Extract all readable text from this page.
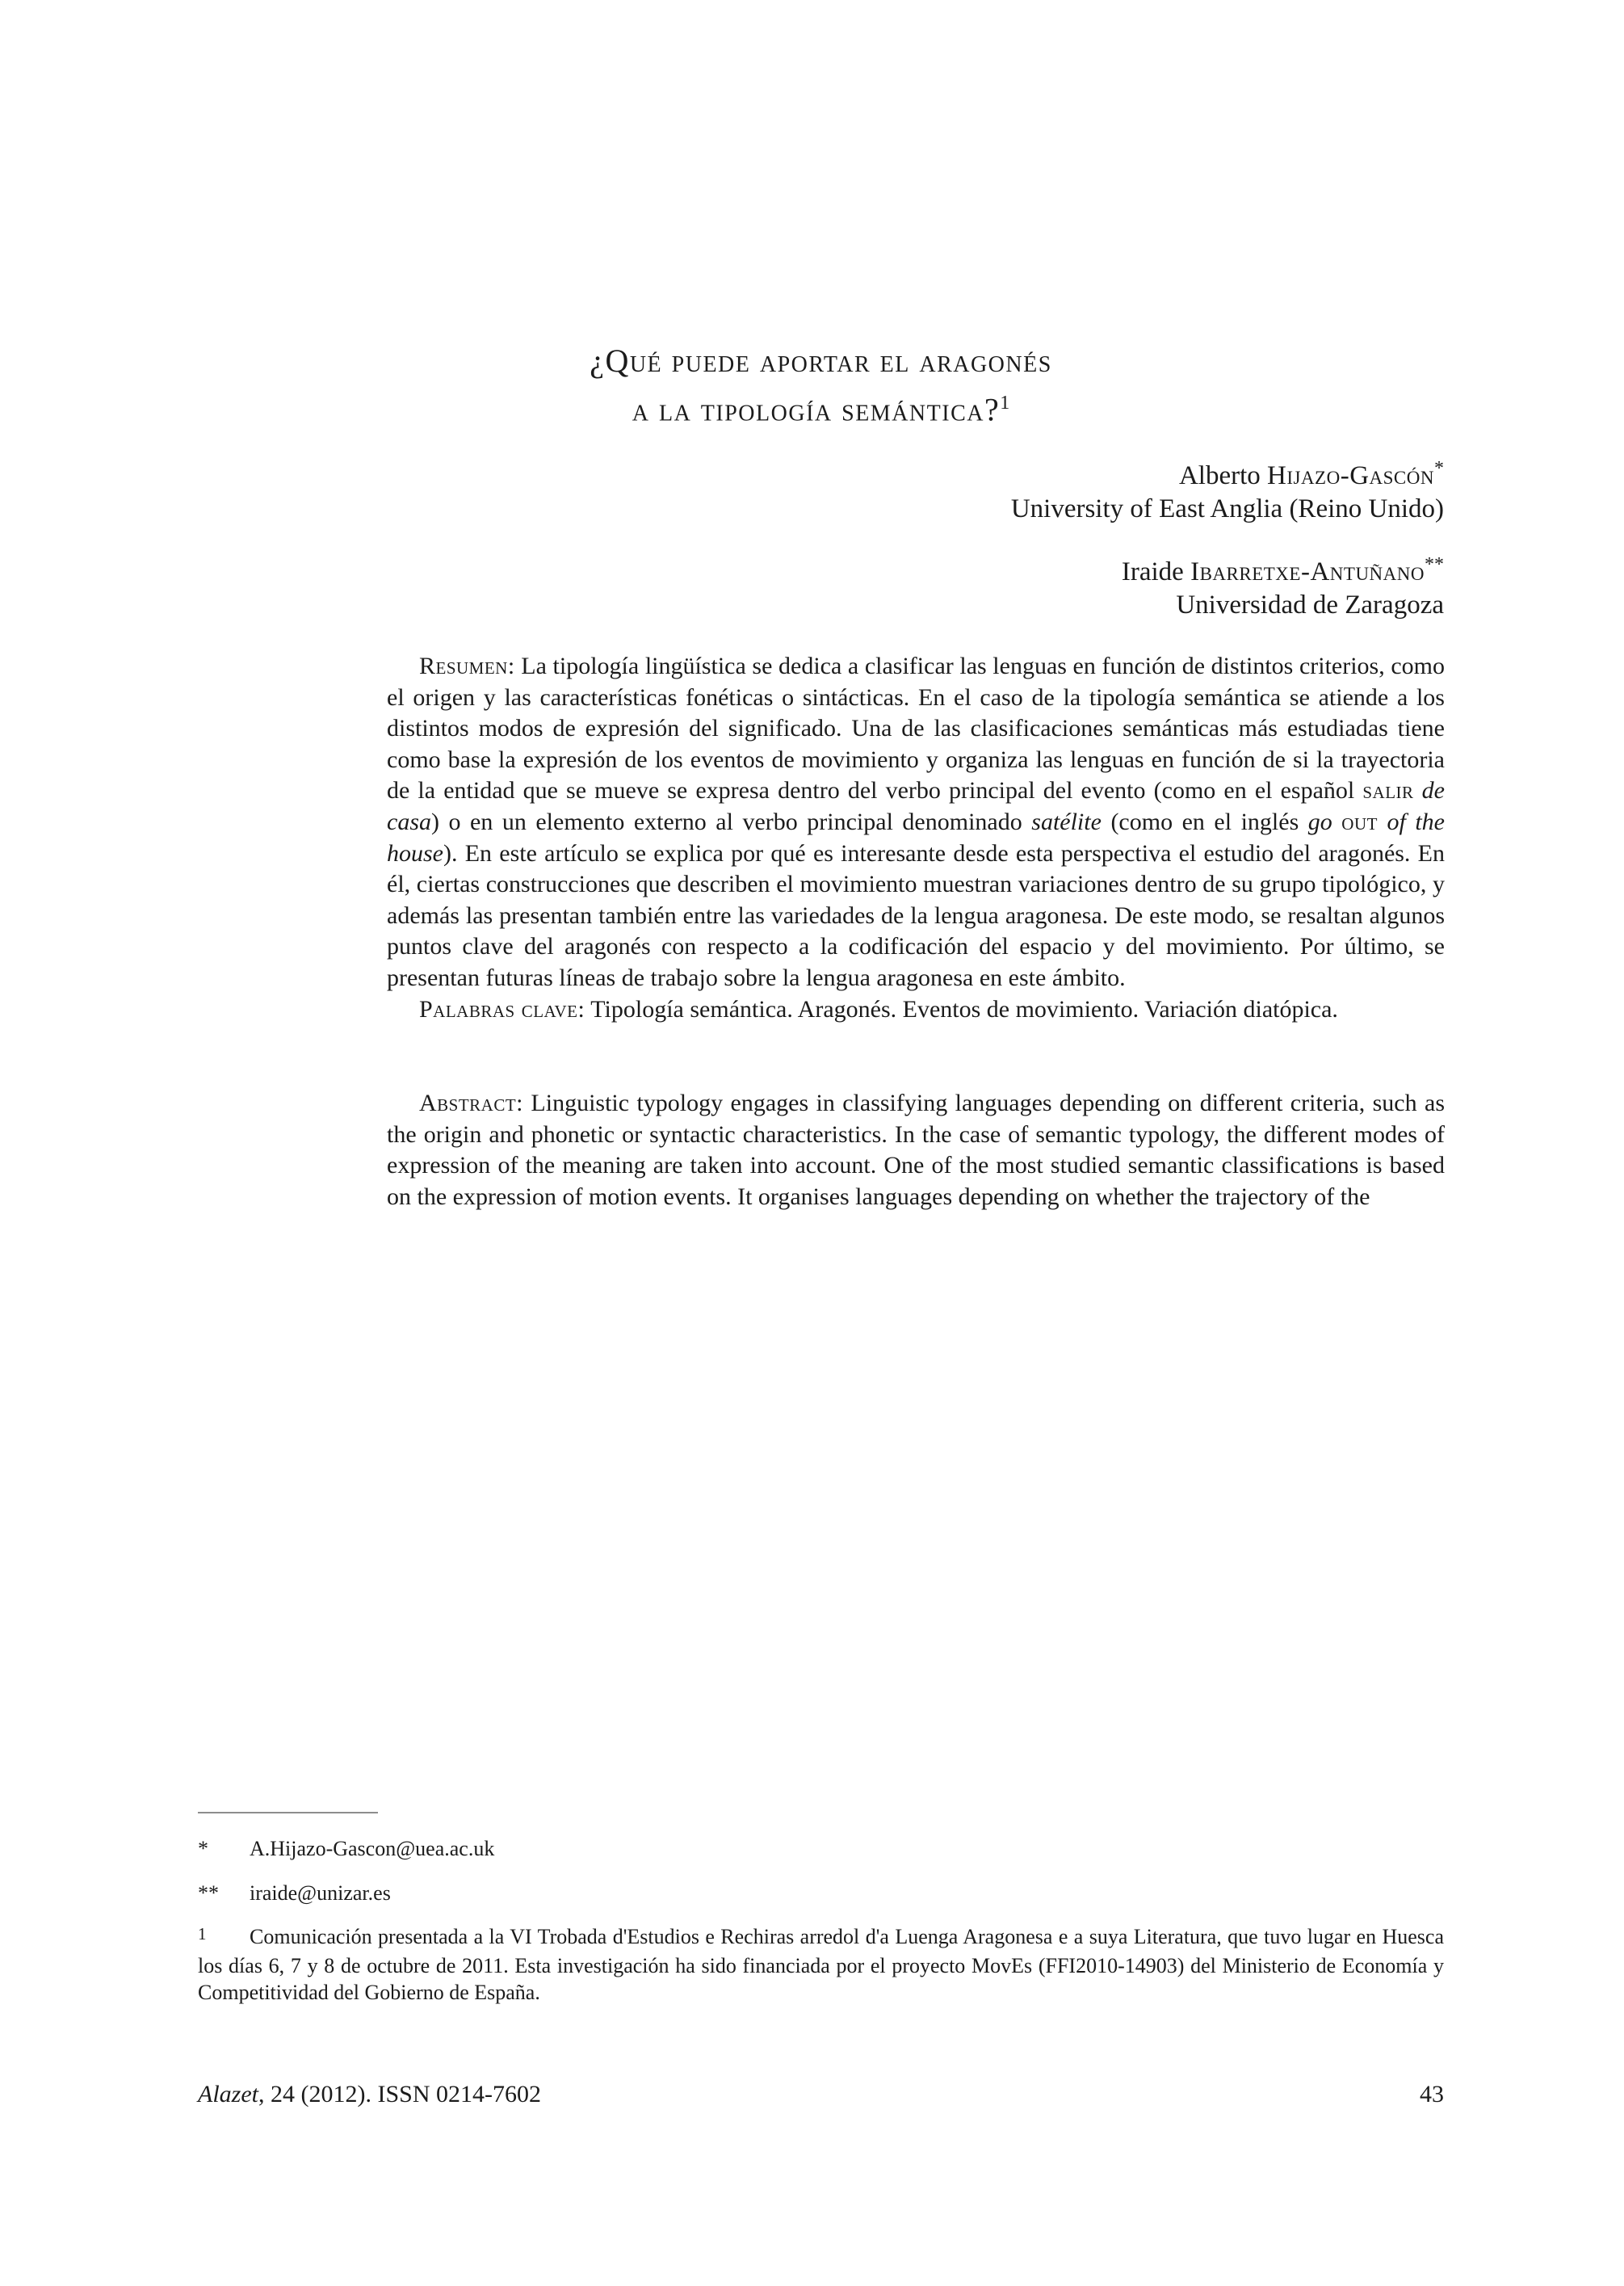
¿Qué puede aportar el aragonés
a la tipología semántica?$^1$
Alberto Hijazo-Gascón*
University of East Anglia (Reino Unido)
Iraide Ibarretxe-Antuñano**
Universidad de Zaragoza

Resumen: La tipología lingüística se dedica a clasificar las lenguas en función de distintos criterios, como el origen y las características fonéticas o sintácticas. En el caso de la tipología semántica se atiende a los distintos modos de expresión del significado. Una de las clasificaciones semánticas más estudiadas tiene como base la expresión de los eventos de movimiento y organiza las lenguas en función de si la trayectoria de la entidad que se mueve se expresa dentro del verbo principal del evento (como en el español salir de casa) o en un elemento externo al verbo principal denominado satélite (como en el inglés go out of the house). En este artículo se explica por qué es interesante desde esta perspectiva el estudio del aragonés. En él, ciertas construcciones que describen el movimiento muestran variaciones dentro de su grupo tipológico, y además las presentan también entre las variedades de la lengua aragonesa. De este modo, se resaltan algunos puntos clave del aragonés con respecto a la codificación del espacio y del movimiento. Por último, se presentan futuras líneas de trabajo sobre la lengua aragonesa en este ámbito.

Palabras clave: Tipología semántica. Aragonés. Eventos de movimiento. Variación diatópica.

Abstract: Linguistic typology engages in classifying languages depending on different criteria, such as the origin and phonetic or syntactic characteristics. In the case of semantic typology, the different modes of expression of the meaning are taken into account. One of the most studied semantic classifications is based on the expression of motion events. It organises languages depending on whether the trajectory of the

* A.Hijazo-Gascon@uea.ac.uk

** iraide@unizar.es

1 Comunicación presentada a la VI Trobada d'Estudios e Rechiras arredol d'a Luenga Aragonesa e a suya Literatura, que tuvo lugar en Huesca los días 6, 7 y 8 de octubre de 2011. Esta investigación ha sido financiada por el proyecto MovEs (FFI2010-14903) del Ministerio de Economía y Competitividad del Gobierno de España.

Alazet, 24 (2012). ISSN 0214-7602	43
